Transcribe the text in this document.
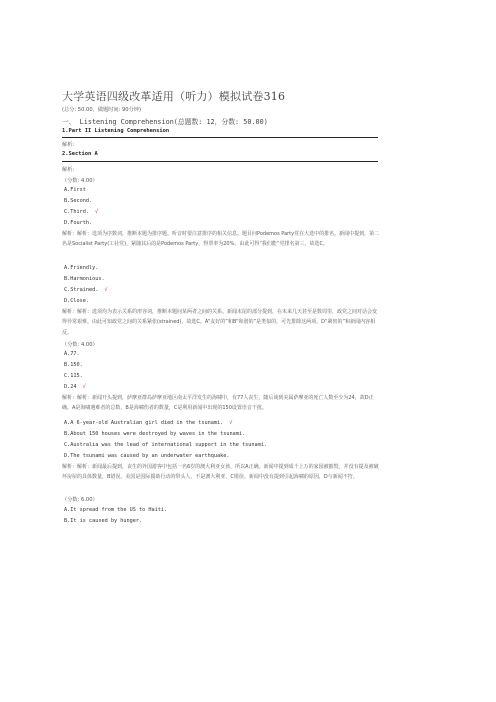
大学英语四级改革适用（听力）模拟试卷316
(总分: 50.00，做题时间: 90分钟)
一、 Listening Comprehension(总题数: 12，分数: 50.00)
1.Part II Listening Comprehension
解析:
2.Section A
解析:
（分数: 4.00）
A.First
B.Second.
C.Third. √
D.Fourth.
解析：解析：选项为序数词，推断本题为排序题。听音时要注意排序的相关信息。题目问Podemos Party党在大选中的排名。新闻中提到，第二名是Socialist Party(工社党)，紧随其后的是Podemos Party，得票率为20%。由此可得“我们能”党排名第三，故选C。
A.Friendly.
B.Harmonious.
C.Strained. √
D.Close.
解析：解析：选项均为表示关系的形容词，推断本题问某两者之间的关系。新闻末尾的部分提到，在未来几天甚至是数周里，政党之间对话会变得异常艰难。由此可知政党之间的关系紧张(strained)，故选C。A“友好的”和B“和谐的”是类似的，可先排除这两项。D“紧密的”和新闻内容相反。
（分数: 4.00）
A.77.
B.150.
C.115.
D.24 √
解析：解析：新闻开头提到，萨摩亚群岛萨摩亚地区南太平洋发生的海啸中，有77人丧生，随后谈到美属萨摩亚的死亡人数至少为24，故D正确。A是海啸遇难者的总数，B是海啸伤者的数量，C是利用新闻中出现的150设置语音干扰。
A.A 6-year-old Australian girl died in the tsunami. √
B.About 150 houses were destroyed by waves in the tsunami.
C.Australia was the lead of international support in the tsunami.
D.The tsunami was caused by an underwater earthquake.
解析：解析：新闻最后提到，丧生的外国游客中包括一名6岁的澳大利亚女孩，所以A正确。新闻中提到成千上万的家园被摧毁，并没有提及被破坏房屋的具体数量，B错误。美国是国际援助行动的带头人，不是澳大利亚，C错误。新闻中没有提到引起海啸的原因，D与新闻不符。
（分数: 6.00）
A.It spread from the US to Haiti.
B.It is caused by hunger.
